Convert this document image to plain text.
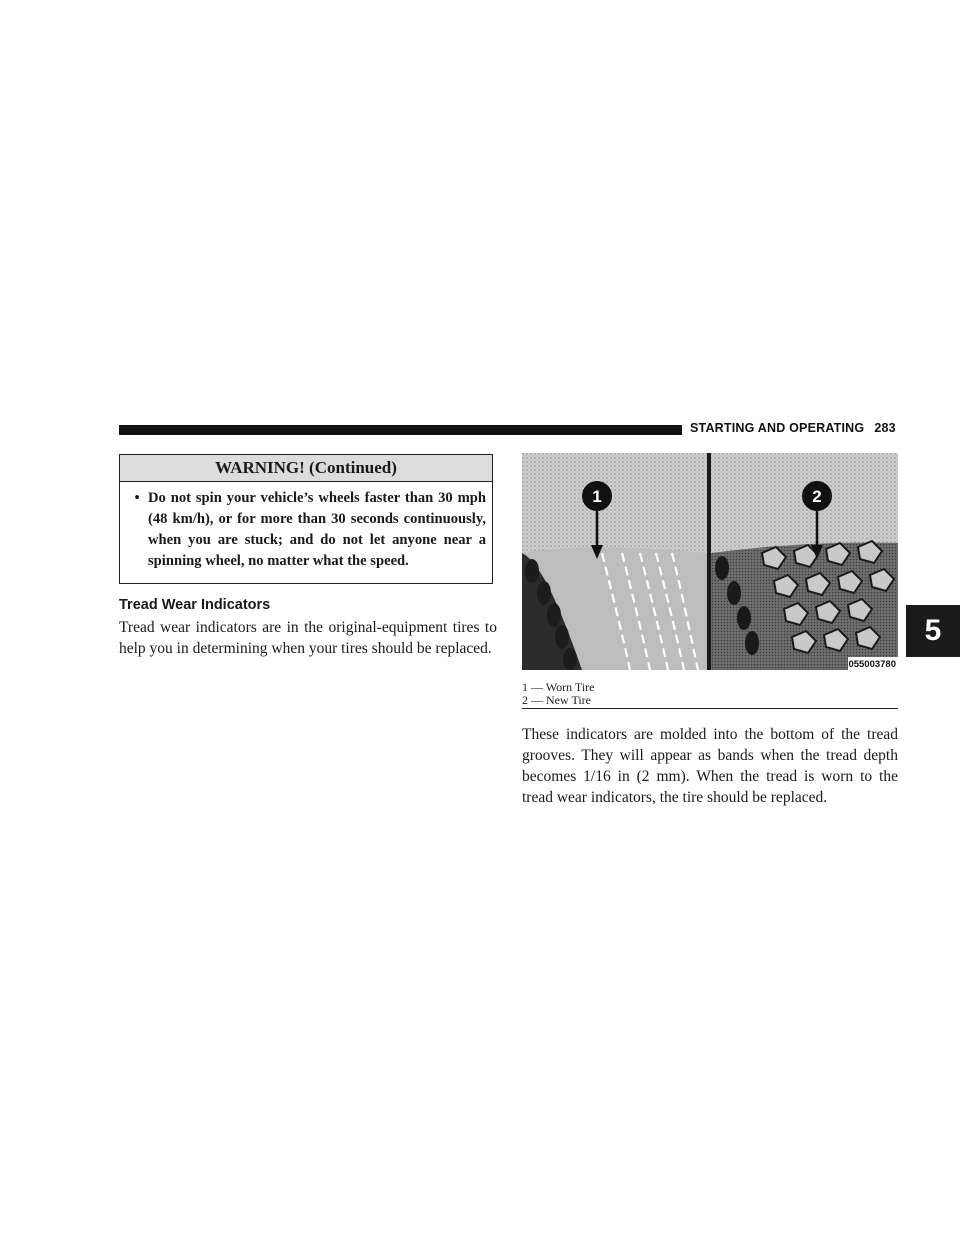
STARTING AND OPERATING 283
5
WARNING! (Continued)
• Do not spin your vehicle’s wheels faster than 30 mph (48 km/h), or for more than 30 seconds continuously, when you are stuck; and do not let anyone near a spinning wheel, no matter what the speed.
Tread Wear Indicators
Tread wear indicators are in the original-equipment tires to help you in determining when your tires should be replaced.
1	2
055003780
1 — Worn Tire
2 — New Tire
These indicators are molded into the bottom of the tread grooves. They will appear as bands when the tread depth becomes 1/16 in (2 mm). When the tread is worn to the tread wear indicators, the tire should be replaced.
